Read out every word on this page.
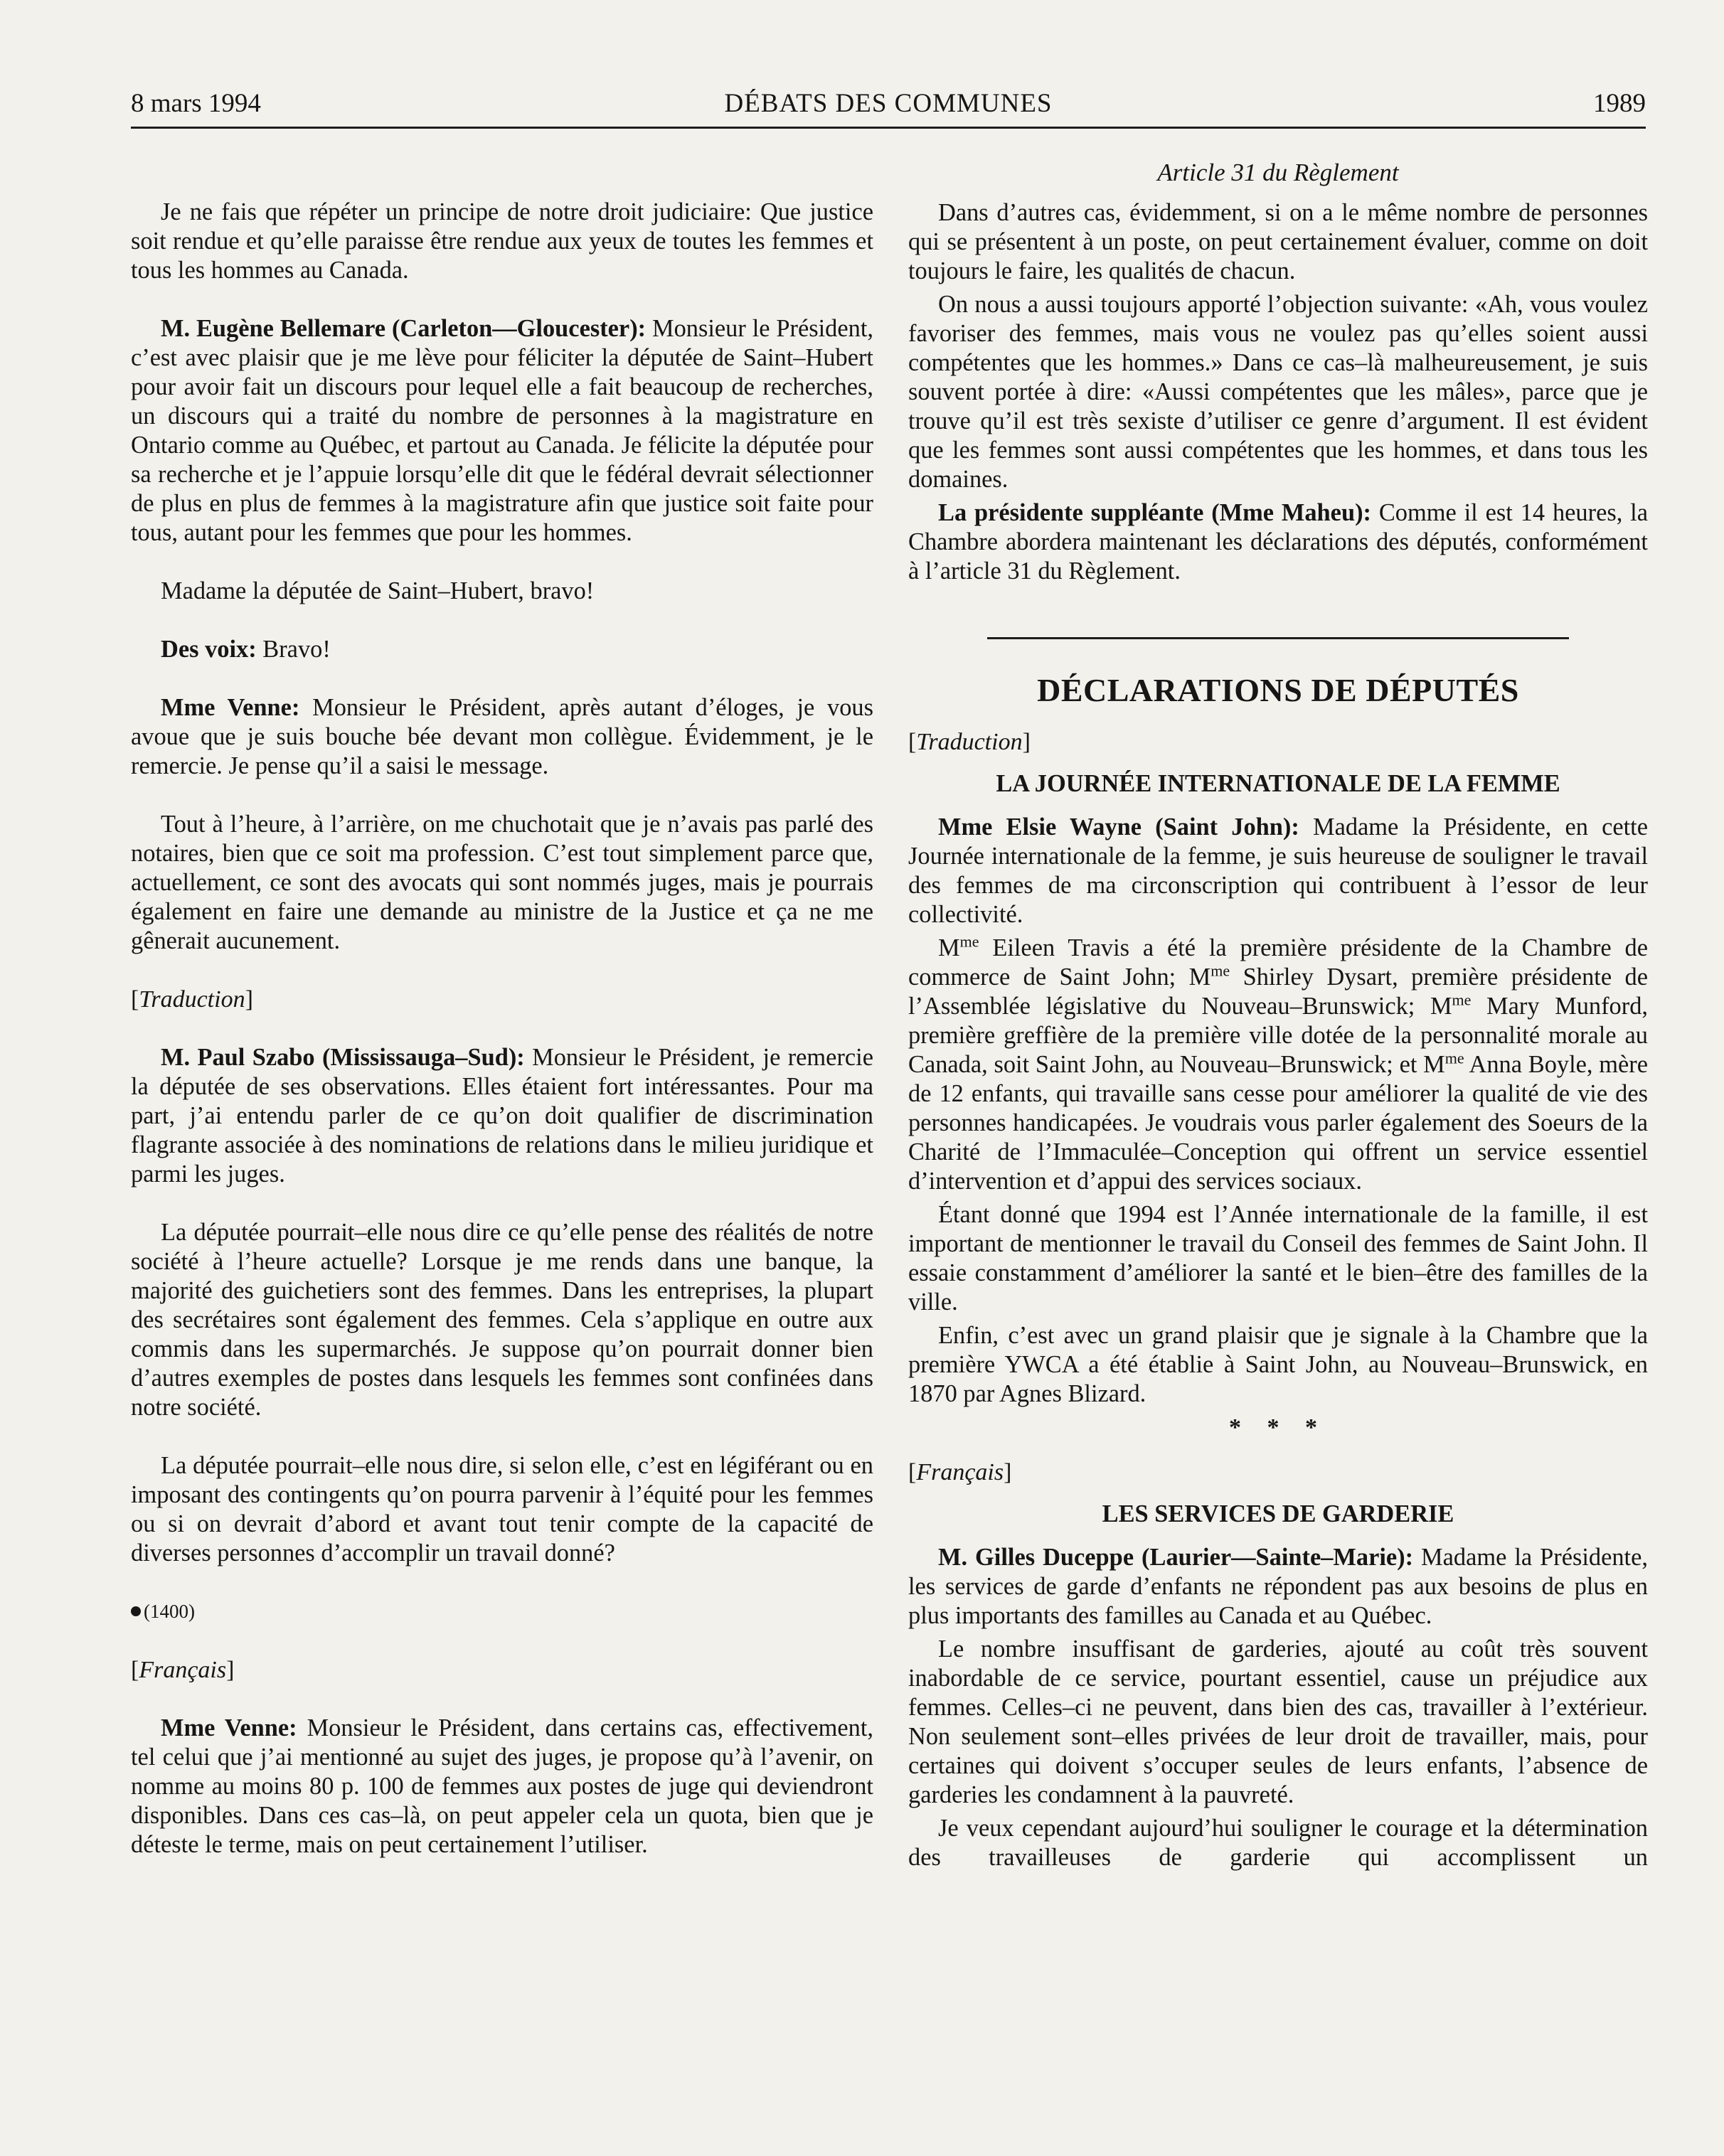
8 mars 1994	DÉBATS DES COMMUNES	1989

Je ne fais que répéter un principe de notre droit judiciaire: Que justice soit rendue et qu’elle paraisse être rendue aux yeux de toutes les femmes et tous les hommes au Canada.

M. Eugène Bellemare (Carleton—Gloucester): Monsieur le Président, c’est avec plaisir que je me lève pour féliciter la députée de Saint–Hubert pour avoir fait un discours pour lequel elle a fait beaucoup de recherches, un discours qui a traité du nombre de personnes à la magistrature en Ontario comme au Québec, et partout au Canada. Je félicite la députée pour sa recherche et je l’appuie lorsqu’elle dit que le fédéral devrait sélectionner de plus en plus de femmes à la magistrature afin que justice soit faite pour tous, autant pour les femmes que pour les hommes.

Madame la députée de Saint–Hubert, bravo!

Des voix: Bravo!

Mme Venne: Monsieur le Président, après autant d’éloges, je vous avoue que je suis bouche bée devant mon collègue. Évidemment, je le remercie. Je pense qu’il a saisi le message.

Tout à l’heure, à l’arrière, on me chuchotait que je n’avais pas parlé des notaires, bien que ce soit ma profession. C’est tout simplement parce que, actuellement, ce sont des avocats qui sont nommés juges, mais je pourrais également en faire une demande au ministre de la Justice et ça ne me gênerait aucunement.

[Traduction]

M. Paul Szabo (Mississauga–Sud): Monsieur le Président, je remercie la députée de ses observations. Elles étaient fort intéressantes. Pour ma part, j’ai entendu parler de ce qu’on doit qualifier de discrimination flagrante associée à des nominations de relations dans le milieu juridique et parmi les juges.

La députée pourrait–elle nous dire ce qu’elle pense des réalités de notre société à l’heure actuelle? Lorsque je me rends dans une banque, la majorité des guichetiers sont des femmes. Dans les entreprises, la plupart des secrétaires sont également des femmes. Cela s’applique en outre aux commis dans les supermarchés. Je suppose qu’on pourrait donner bien d’autres exemples de postes dans lesquels les femmes sont confinées dans notre société.

La députée pourrait–elle nous dire, si selon elle, c’est en légiférant ou en imposant des contingents qu’on pourra parvenir à l’équité pour les femmes ou si on devrait d’abord et avant tout tenir compte de la capacité de diverses personnes d’accomplir un travail donné?

(1400)
[Français]

Mme Venne: Monsieur le Président, dans certains cas, effectivement, tel celui que j’ai mentionné au sujet des juges, je propose qu’à l’avenir, on nomme au moins 80 p. 100 de femmes aux postes de juge qui deviendront disponibles. Dans ces cas–là, on peut appeler cela un quota, bien que je déteste le terme, mais on peut certainement l’utiliser.

Article 31 du Règlement

Dans d’autres cas, évidemment, si on a le même nombre de personnes qui se présentent à un poste, on peut certainement évaluer, comme on doit toujours le faire, les qualités de chacun.

On nous a aussi toujours apporté l’objection suivante: «Ah, vous voulez favoriser des femmes, mais vous ne voulez pas qu’elles soient aussi compétentes que les hommes.» Dans ce cas–là malheureusement, je suis souvent portée à dire: «Aussi compétentes que les mâles», parce que je trouve qu’il est très sexiste d’utiliser ce genre d’argument. Il est évident que les femmes sont aussi compétentes que les hommes, et dans tous les domaines.

La présidente suppléante (Mme Maheu): Comme il est 14 heures, la Chambre abordera maintenant les déclarations des députés, conformément à l’article 31 du Règlement.

DÉCLARATIONS DE DÉPUTÉS
[Traduction]
LA JOURNÉE INTERNATIONALE DE LA FEMME

Mme Elsie Wayne (Saint John): Madame la Présidente, en cette Journée internationale de la femme, je suis heureuse de souligner le travail des femmes de ma circonscription qui contribuent à l’essor de leur collectivité.

$M^{me}$ Eileen Travis a été la première présidente de la Chambre de commerce de Saint John; $M^{me}$ Shirley Dysart, première présidente de l’Assemblée législative du Nouveau–Brunswick; $M^{me}$ Mary Munford, première greffière de la première ville dotée de la personnalité morale au Canada, soit Saint John, au Nouveau–Brunswick; et $M^{me}$ Anna Boyle, mère de 12 enfants, qui travaille sans cesse pour améliorer la qualité de vie des personnes handicapées. Je voudrais vous parler également des Soeurs de la Charité de l’Immaculée–Conception qui offrent un service essentiel d’intervention et d’appui des services sociaux.

Étant donné que 1994 est l’Année internationale de la famille, il est important de mentionner le travail du Conseil des femmes de Saint John. Il essaie constamment d’améliorer la santé et le bien–être des familles de la ville.

Enfin, c’est avec un grand plaisir que je signale à la Chambre que la première YWCA a été établie à Saint John, au Nouveau–Brunswick, en 1870 par Agnes Blizard.

* * *
[Français]
LES SERVICES DE GARDERIE

M. Gilles Duceppe (Laurier—Sainte–Marie): Madame la Présidente, les services de garde d’enfants ne répondent pas aux besoins de plus en plus importants des familles au Canada et au Québec.

Le nombre insuffisant de garderies, ajouté au coût très souvent inabordable de ce service, pourtant essentiel, cause un préjudice aux femmes. Celles–ci ne peuvent, dans bien des cas, travailler à l’extérieur. Non seulement sont–elles privées de leur droit de travailler, mais, pour certaines qui doivent s’occuper seules de leurs enfants, l’absence de garderies les condamnent à la pauvreté.

Je veux cependant aujourd’hui souligner le courage et la détermination des travailleuses de garderie qui accomplissent un
